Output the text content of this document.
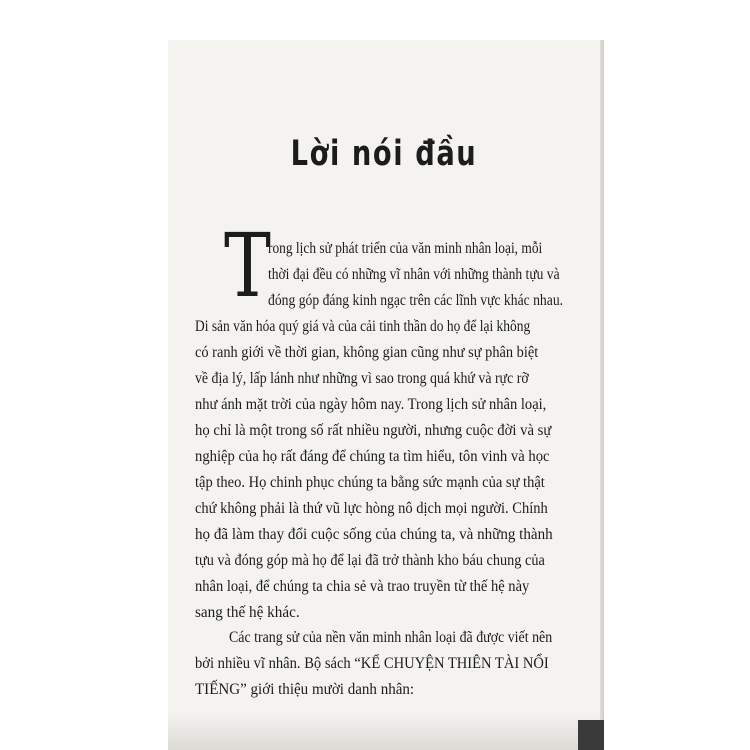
Lời nói đầu
T
rong lịch sử phát triển của văn minh nhân loại, mỗi
thời đại đều có những vĩ nhân với những thành tựu và
đóng góp đáng kinh ngạc trên các lĩnh vực khác nhau.
Di sản văn hóa quý giá và của cải tinh thần do họ để lại không
có ranh giới về thời gian, không gian cũng như sự phân biệt
về địa lý, lấp lánh như những vì sao trong quá khứ và rực rỡ
như ánh mặt trời của ngày hôm nay. Trong lịch sử nhân loại,
họ chỉ là một trong số rất nhiều người, nhưng cuộc đời và sự
nghiệp của họ rất đáng để chúng ta tìm hiểu, tôn vinh và học
tập theo. Họ chinh phục chúng ta bằng sức mạnh của sự thật
chứ không phải là thứ vũ lực hòng nô dịch mọi người. Chính
họ đã làm thay đổi cuộc sống của chúng ta, và những thành
tựu và đóng góp mà họ để lại đã trở thành kho báu chung của
nhân loại, để chúng ta chia sẻ và trao truyền từ thế hệ này
sang thế hệ khác.
Các trang sử của nền văn minh nhân loại đã được viết nên
bởi nhiều vĩ nhân. Bộ sách “KỂ CHUYỆN THIÊN TÀI NỔI
TIẾNG” giới thiệu mười danh nhân:
